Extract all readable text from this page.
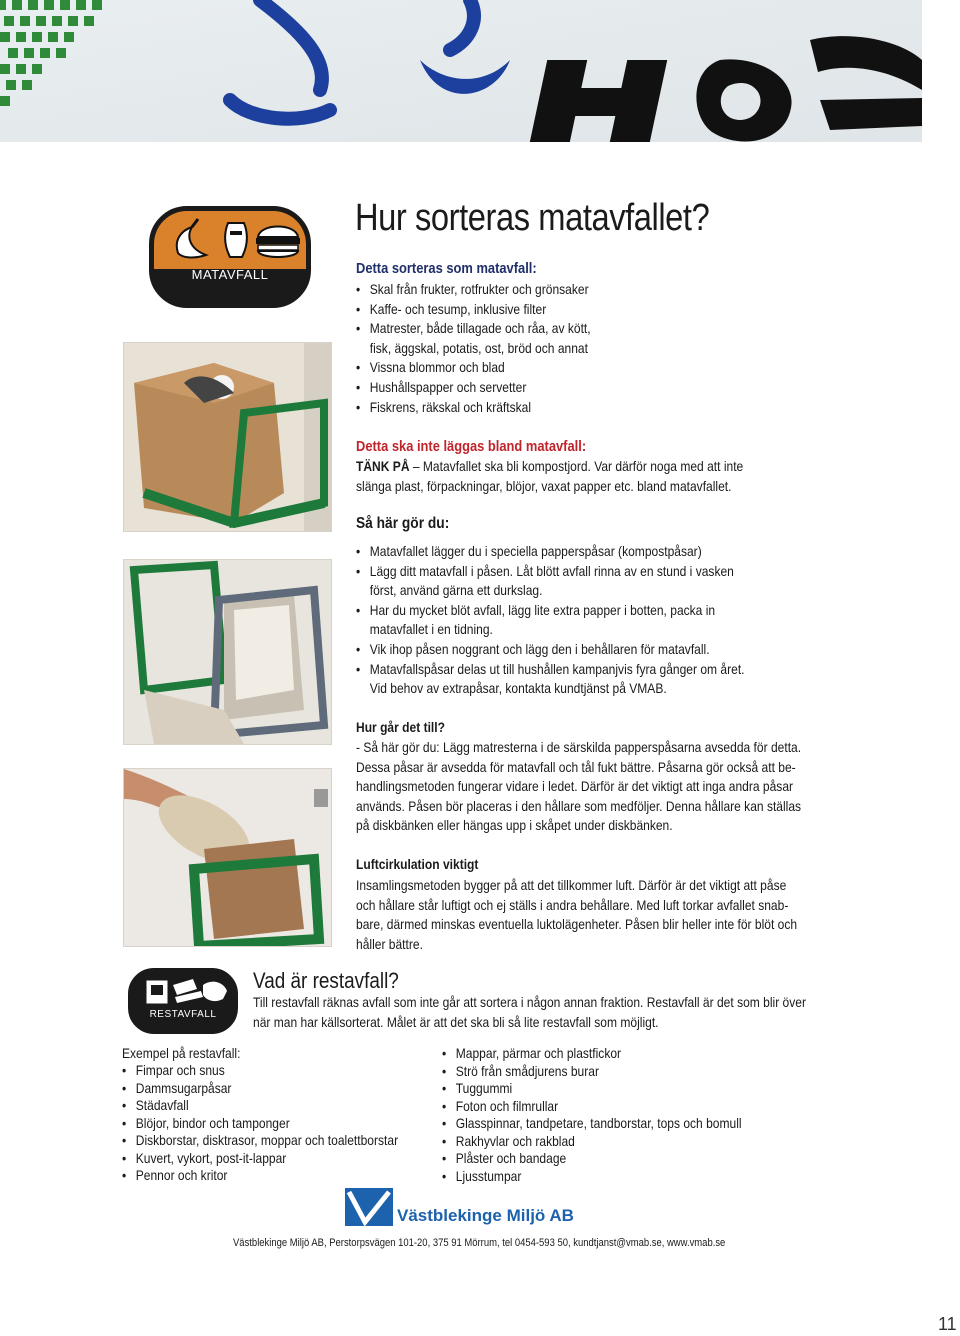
MATAVFALL
Hur sorteras matavfallet?
Detta sorteras som matavfall:
• Skal från frukter, rotfrukter och grönsaker
• Kaffe- och tesump, inklusive filter
• Matrester, både tillagade och råa, av kött,
fisk, äggskal, potatis, ost, bröd och annat
• Vissna blommor och blad
• Hushållspapper och servetter
• Fiskrens, räkskal och kräftskal
Detta ska inte läggas bland matavfall:
TÄNK PÅ – Matavfallet ska bli kompostjord. Var därför noga med att inte
slänga plast, förpackningar, blöjor, vaxat papper etc. bland matavfallet.
Så här gör du:
• Matavfallet lägger du i speciella papperspåsar (kompostpåsar)
• Lägg ditt matavfall i påsen. Låt blött avfall rinna av en stund i vasken
först, använd gärna ett durkslag.
• Har du mycket blöt avfall, lägg lite extra papper i botten, packa in
matavfallet i en tidning.
• Vik ihop påsen noggrant och lägg den i behållaren för matavfall.
• Matavfallspåsar delas ut till hushållen kampanjvis fyra gånger om året.
Vid behov av extrapåsar, kontakta kundtjänst på VMAB.
Hur går det till?
- Så här gör du: Lägg matresterna i de särskilda papperspåsarna avsedda för detta.
Dessa påsar är avsedda för matavfall och tål fukt bättre. Påsarna gör också att be-
handlingsmetoden fungerar vidare i ledet. Därför är det viktigt att inga andra påsar
används. Påsen bör placeras i den hållare som medföljer. Denna hållare kan ställas
på diskbänken eller hängas upp i skåpet under diskbänken.
Luftcirkulation viktigt
Insamlingsmetoden bygger på att det tillkommer luft. Därför är det viktigt att påse
och hållare står luftigt och ej ställs i andra behållare. Med luft torkar avfallet snab-
bare, därmed minskas eventuella luktolägenheter. Påsen blir heller inte för blöt och
håller bättre.
RESTAVFALL
Vad är restavfall?
Till restavfall räknas avfall som inte går att sortera i någon annan fraktion. Restavfall är det som blir över
när man har källsorterat. Målet är att det ska bli så lite restavfall som möjligt.
Exempel på restavfall:
• Fimpar och snus
• Dammsugarpåsar
• Städavfall
• Blöjor, bindor och tamponger
• Diskborstar, disktrasor, moppar och toalettborstar
• Kuvert, vykort, post-it-lappar
• Pennor och kritor
• Mappar, pärmar och plastfickor
• Strö från smådjurens burar
• Tuggummi
• Foton och filmrullar
• Glasspinnar, tandpetare, tandborstar, tops och bomull
• Rakhyvlar och rakblad
• Plåster och bandage
• Ljusstumpar
Västblekinge Miljö AB
Västblekinge Miljö AB, Perstorpsvägen 101-20, 375 91 Mörrum, tel 0454-593 50, kundtjanst@vmab.se, www.vmab.se
11
